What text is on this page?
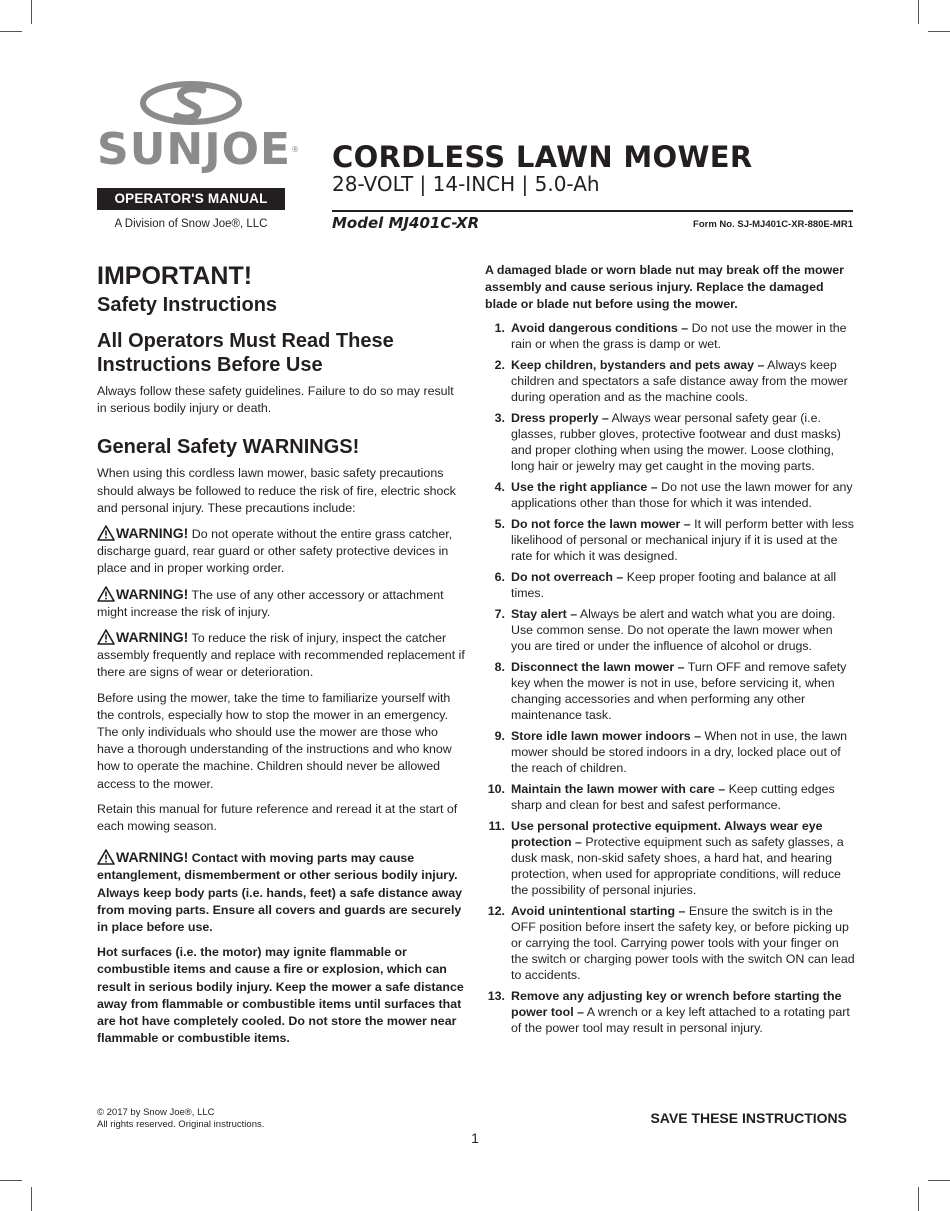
SUNJOE®
OPERATOR'S MANUAL
A Division of Snow Joe®, LLC
CORDLESS LAWN MOWER
28-VOLT | 14-INCH | 5.0-Ah
Model MJ401C-XR	Form No. SJ-MJ401C-XR-880E-MR1
IMPORTANT!
Safety Instructions
All Operators Must Read These Instructions Before Use

Always follow these safety guidelines. Failure to do so may result in serious bodily injury or death.

General Safety WARNINGS!

When using this cordless lawn mower, basic safety precautions should always be followed to reduce the risk of fire, electric shock and personal injury. These precautions include:

WARNING! Do not operate without the entire grass catcher, discharge guard, rear guard or other safety protective devices in place and in proper working order.

WARNING! The use of any other accessory or attachment might increase the risk of injury.

WARNING! To reduce the risk of injury, inspect the catcher assembly frequently and replace with recommended replacement if there are signs of wear or deterioration.

Before using the mower, take the time to familiarize yourself with the controls, especially how to stop the mower in an emergency. The only individuals who should use the mower are those who have a thorough understanding of the instructions and who know how to operate the machine. Children should never be allowed access to the mower.

Retain this manual for future reference and reread it at the start of each mowing season.

WARNING! Contact with moving parts may cause entanglement, dismemberment or other serious bodily injury. Always keep body parts (i.e. hands, feet) a safe distance away from moving parts. Ensure all covers and guards are securely in place before use.

Hot surfaces (i.e. the motor) may ignite flammable or combustible items and cause a fire or explosion, which can result in serious bodily injury. Keep the mower a safe distance away from flammable or combustible items until surfaces that are hot have completely cooled. Do not store the mower near flammable or combustible items.

A damaged blade or worn blade nut may break off the mower assembly and cause serious injury. Replace the damaged blade or blade nut before using the mower.

1. Avoid dangerous conditions – Do not use the mower in the rain or when the grass is damp or wet.
2. Keep children, bystanders and pets away – Always keep children and spectators a safe distance away from the mower during operation and as the machine cools.
3. Dress properly – Always wear personal safety gear (i.e. glasses, rubber gloves, protective footwear and dust masks) and proper clothing when using the mower. Loose clothing, long hair or jewelry may get caught in the moving parts.
4. Use the right appliance – Do not use the lawn mower for any applications other than those for which it was intended.
5. Do not force the lawn mower – It will perform better with less likelihood of personal or mechanical injury if it is used at the rate for which it was designed.
6. Do not overreach – Keep proper footing and balance at all times.
7. Stay alert – Always be alert and watch what you are doing. Use common sense. Do not operate the lawn mower when you are tired or under the influence of alcohol or drugs.
8. Disconnect the lawn mower – Turn OFF and remove safety key when the mower is not in use, before servicing it, when changing accessories and when performing any other maintenance task.
9. Store idle lawn mower indoors – When not in use, the lawn mower should be stored indoors in a dry, locked place out of the reach of children.
10. Maintain the lawn mower with care – Keep cutting edges sharp and clean for best and safest performance.
11. Use personal protective equipment. Always wear eye protection – Protective equipment such as safety glasses, a dusk mask, non-skid safety shoes, a hard hat, and hearing protection, when used for appropriate conditions, will reduce the possibility of personal injuries.
12. Avoid unintentional starting – Ensure the switch is in the OFF position before insert the safety key, or before picking up or carrying the tool. Carrying power tools with your finger on the switch or charging power tools with the switch ON can lead to accidents.
13. Remove any adjusting key or wrench before starting the power tool – A wrench or a key left attached to a rotating part of the power tool may result in personal injury.
© 2017 by Snow Joe®, LLC
All rights reserved. Original instructions.	SAVE THESE INSTRUCTIONS
1
